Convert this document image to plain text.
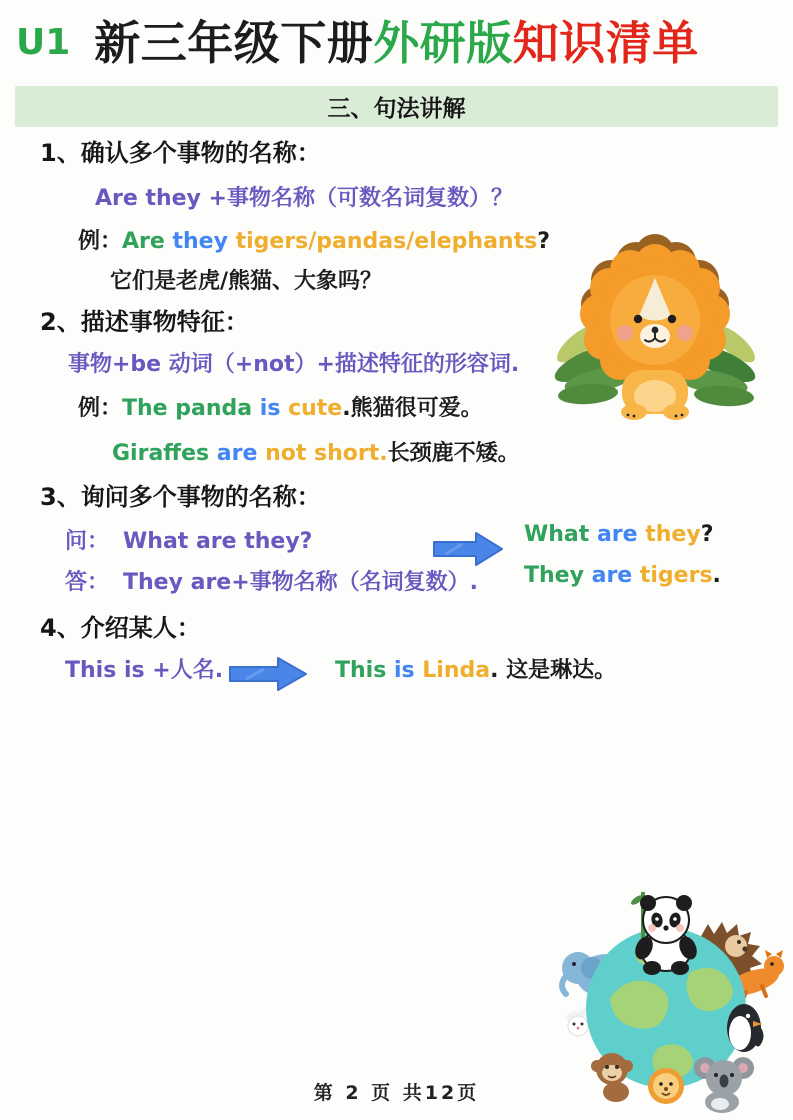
U1 新三年级下册外研版知识清单
三、句法讲解
1、确认多个事物的名称：
Are they +事物名称（可数名词复数）？
例：Are they tigers/pandas/elephants?
它们是老虎/熊猫、大象吗？
2、描述事物特征：
事物+be 动词（+not）+描述特征的形容词.
例：The panda is cute.熊猫很可爱。
Giraffes are not short.长颈鹿不矮。
3、询问多个事物的名称：
问： What are they?
答： They are+事物名称（名词复数）.
What are they?
They are tigers.
4、介绍某人：
This is +人名.	This is Linda. 这是琳达。
第 2 页 共12页
